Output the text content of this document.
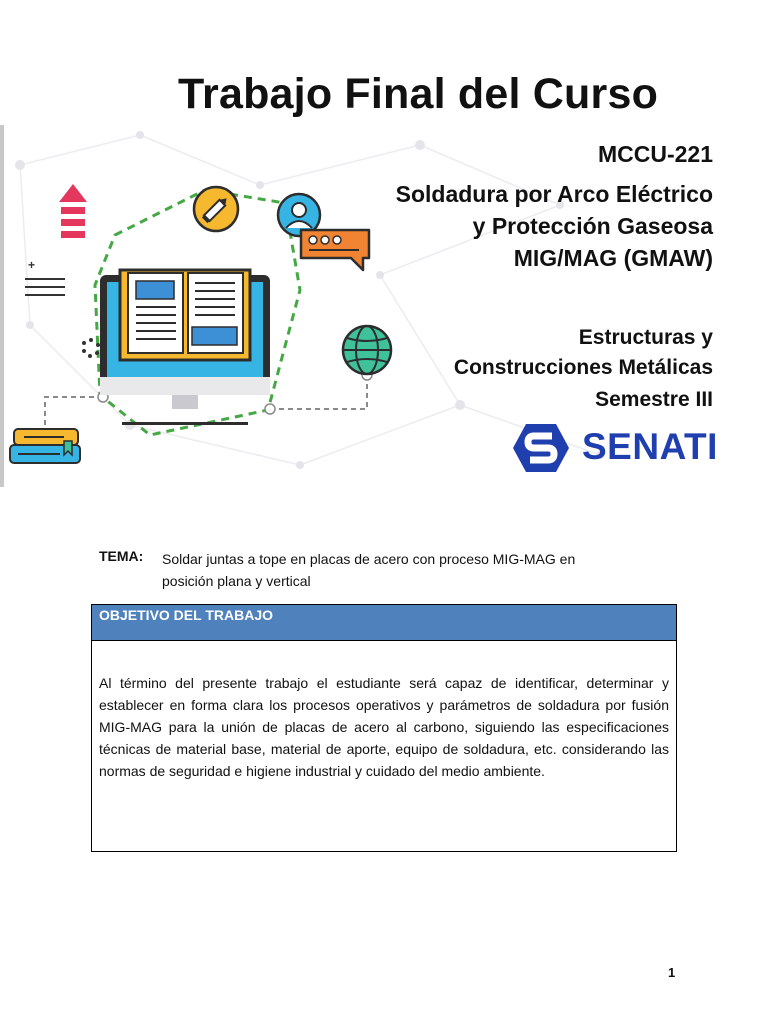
Trabajo Final del Curso
+
MCCU-221
Soldadura por Arco Eléctrico
y Protección Gaseosa
MIG/MAG (GMAW)
Estructuras y
Construcciones Metálicas
Semestre III
SENATI
TEMA: Soldar juntas a tope en placas de acero con proceso MIG-MAG en
posición plana y vertical
OBJETIVO DEL TRABAJO
Al término del presente trabajo el estudiante será capaz de identificar, determinar y establecer en forma clara los procesos operativos y parámetros de soldadura por fusión MIG-MAG para la unión de placas de acero al carbono, siguiendo las especificaciones técnicas de material base, material de aporte, equipo de soldadura, etc. considerando las normas de seguridad e higiene industrial y cuidado del medio ambiente.
1
